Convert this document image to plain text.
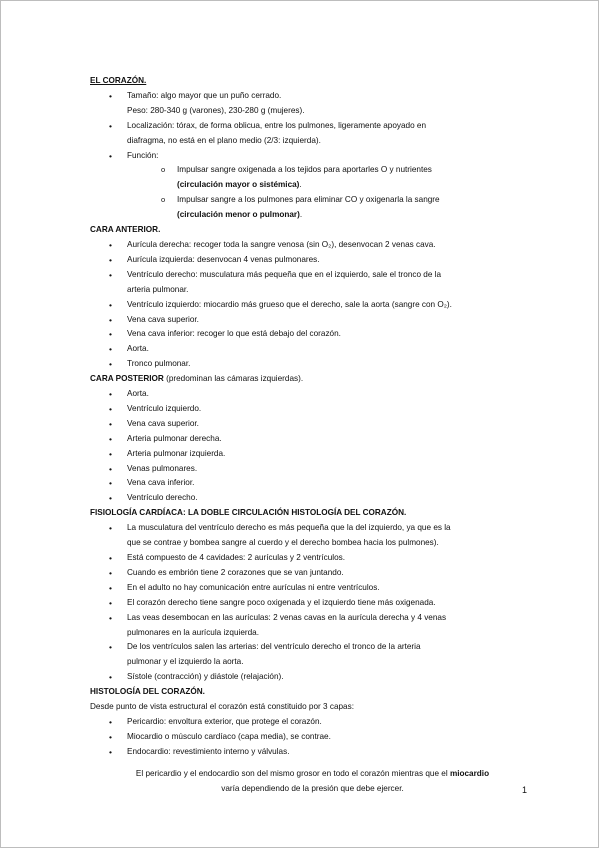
EL CORAZÓN.

• Tamaño: algo mayor que un puño cerrado.
Peso: 280-340 g (varones), 230-280 g (mujeres).
• Localización: tórax, de forma oblicua, entre los pulmones, ligeramente apoyado en
diafragma, no está en el plano medio (2/3: izquierda).
• Función:
o Impulsar sangre oxigenada a los tejidos para aportarles O y nutrientes
(circulación mayor o sistémica).
o Impulsar sangre a los pulmones para eliminar CO y oxigenarla la sangre
(circulación menor o pulmonar).

CARA ANTERIOR.

• Aurícula derecha: recoger toda la sangre venosa (sin O₂), desenvocan 2 venas cava.
• Aurícula izquierda: desenvocan 4 venas pulmonares.
• Ventrículo derecho: musculatura más pequeña que en el izquierdo, sale el tronco de la
arteria pulmonar.
• Ventrículo izquierdo: miocardio más grueso que el derecho, sale la aorta (sangre con O₂).
• Vena cava superior.
• Vena cava inferior: recoger lo que está debajo del corazón.
• Aorta.
• Tronco pulmonar.

CARA POSTERIOR (predominan las cámaras izquierdas).

• Aorta.
• Ventrículo izquierdo.
• Vena cava superior.
• Arteria pulmonar derecha.
• Arteria pulmonar izquierda.
• Venas pulmonares.
• Vena cava inferior.
• Ventrículo derecho.

FISIOLOGÍA CARDÍACA: LA DOBLE CIRCULACIÓN HISTOLOGÍA DEL CORAZÓN.

• La musculatura del ventrículo derecho es más pequeña que la del izquierdo, ya que es la
que se contrae y bombea sangre al cuerdo y el derecho bombea hacia los pulmones).
• Está compuesto de 4 cavidades: 2 aurículas y 2 ventrículos.
• Cuando es embrión tiene 2 corazones que se van juntando.
• En el adulto no hay comunicación entre aurículas ni entre ventrículos.
• El corazón derecho tiene sangre poco oxigenada y el izquierdo tiene más oxigenada.
• Las veas desembocan en las aurículas: 2 venas cavas en la aurícula derecha y 4 venas
pulmonares en la aurícula izquierda.
• De los ventrículos salen las arterias: del ventrículo derecho el tronco de la arteria
pulmonar y el izquierdo la aorta.
• Sístole (contracción) y diástole (relajación).

HISTOLOGÍA DEL CORAZÓN.

Desde punto de vista estructural el corazón está constituido por 3 capas:

• Pericardio: envoltura exterior, que protege el corazón.
• Miocardio o músculo cardíaco (capa media), se contrae.
• Endocardio: revestimiento interno y válvulas.

El pericardio y el endocardio son del mismo grosor en todo el corazón mientras que el miocardio
varía dependiendo de la presión que debe ejercer.	1
